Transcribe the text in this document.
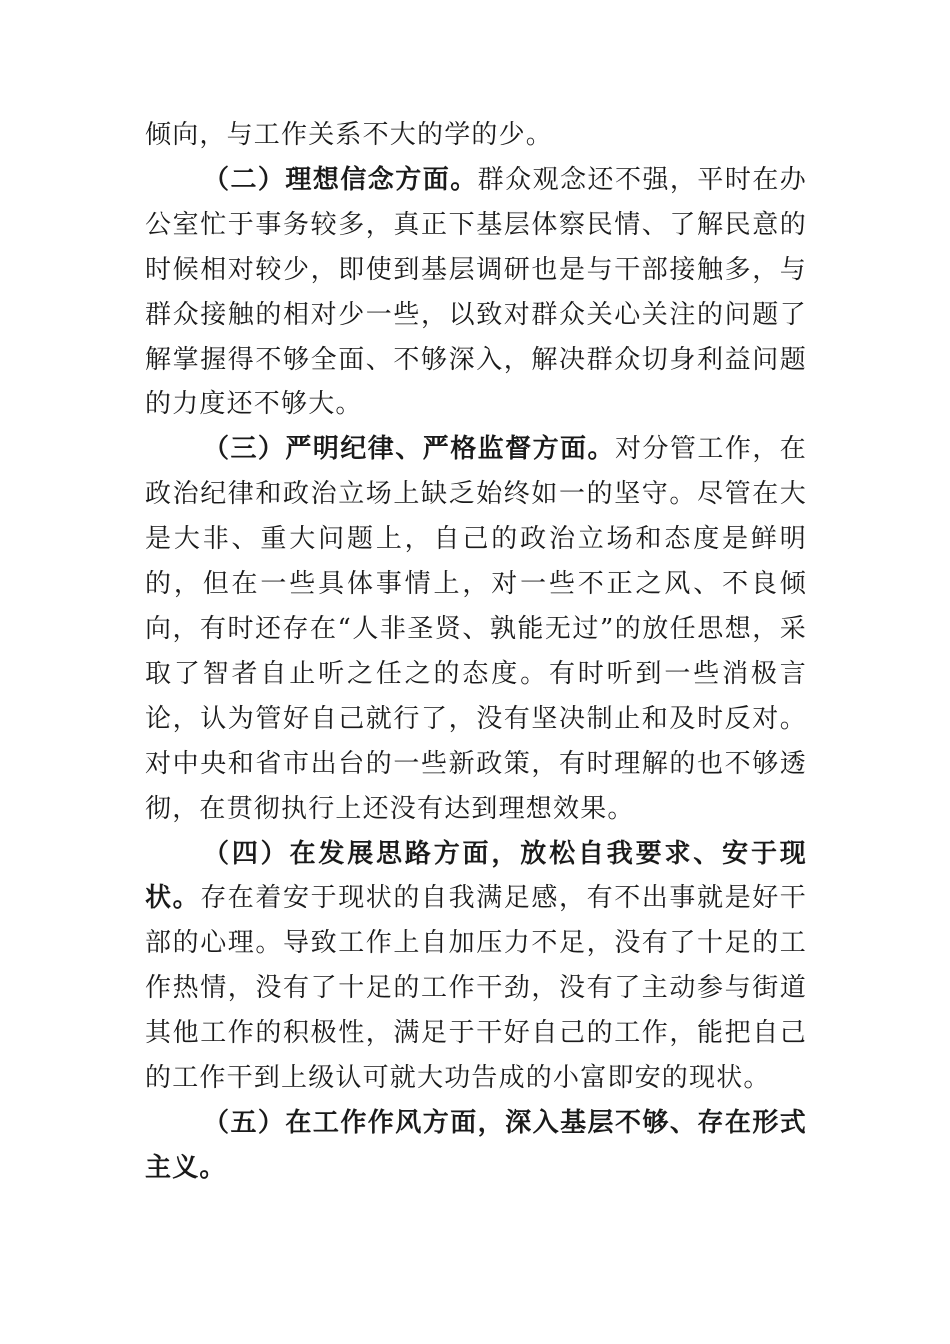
倾向，与工作关系不大的学的少。

（二）理想信念方面。群众观念还不强，平时在办公室忙于事务较多，真正下基层体察民情、了解民意的时候相对较少，即使到基层调研也是与干部接触多，与群众接触的相对少一些，以致对群众关心关注的问题了解掌握得不够全面、不够深入，解决群众切身利益问题的力度还不够大。

（三）严明纪律、严格监督方面。对分管工作，在政治纪律和政治立场上缺乏始终如一的坚守。尽管在大是大非、重大问题上，自己的政治立场和态度是鲜明的，但在一些具体事情上，对一些不正之风、不良倾向，有时还存在“人非圣贤、孰能无过”的放任思想，采取了智者自止听之任之的态度。有时听到一些消极言论，认为管好自己就行了，没有坚决制止和及时反对。对中央和省市出台的一些新政策，有时理解的也不够透彻，在贯彻执行上还没有达到理想效果。

（四）在发展思路方面，放松自我要求、安于现状。存在着安于现状的自我满足感，有不出事就是好干部的心理。导致工作上自加压力不足，没有了十足的工作热情，没有了十足的工作干劲，没有了主动参与街道其他工作的积极性，满足于干好自己的工作，能把自己的工作干到上级认可就大功告成的小富即安的现状。

（五）在工作作风方面，深入基层不够、存在形式主义。
